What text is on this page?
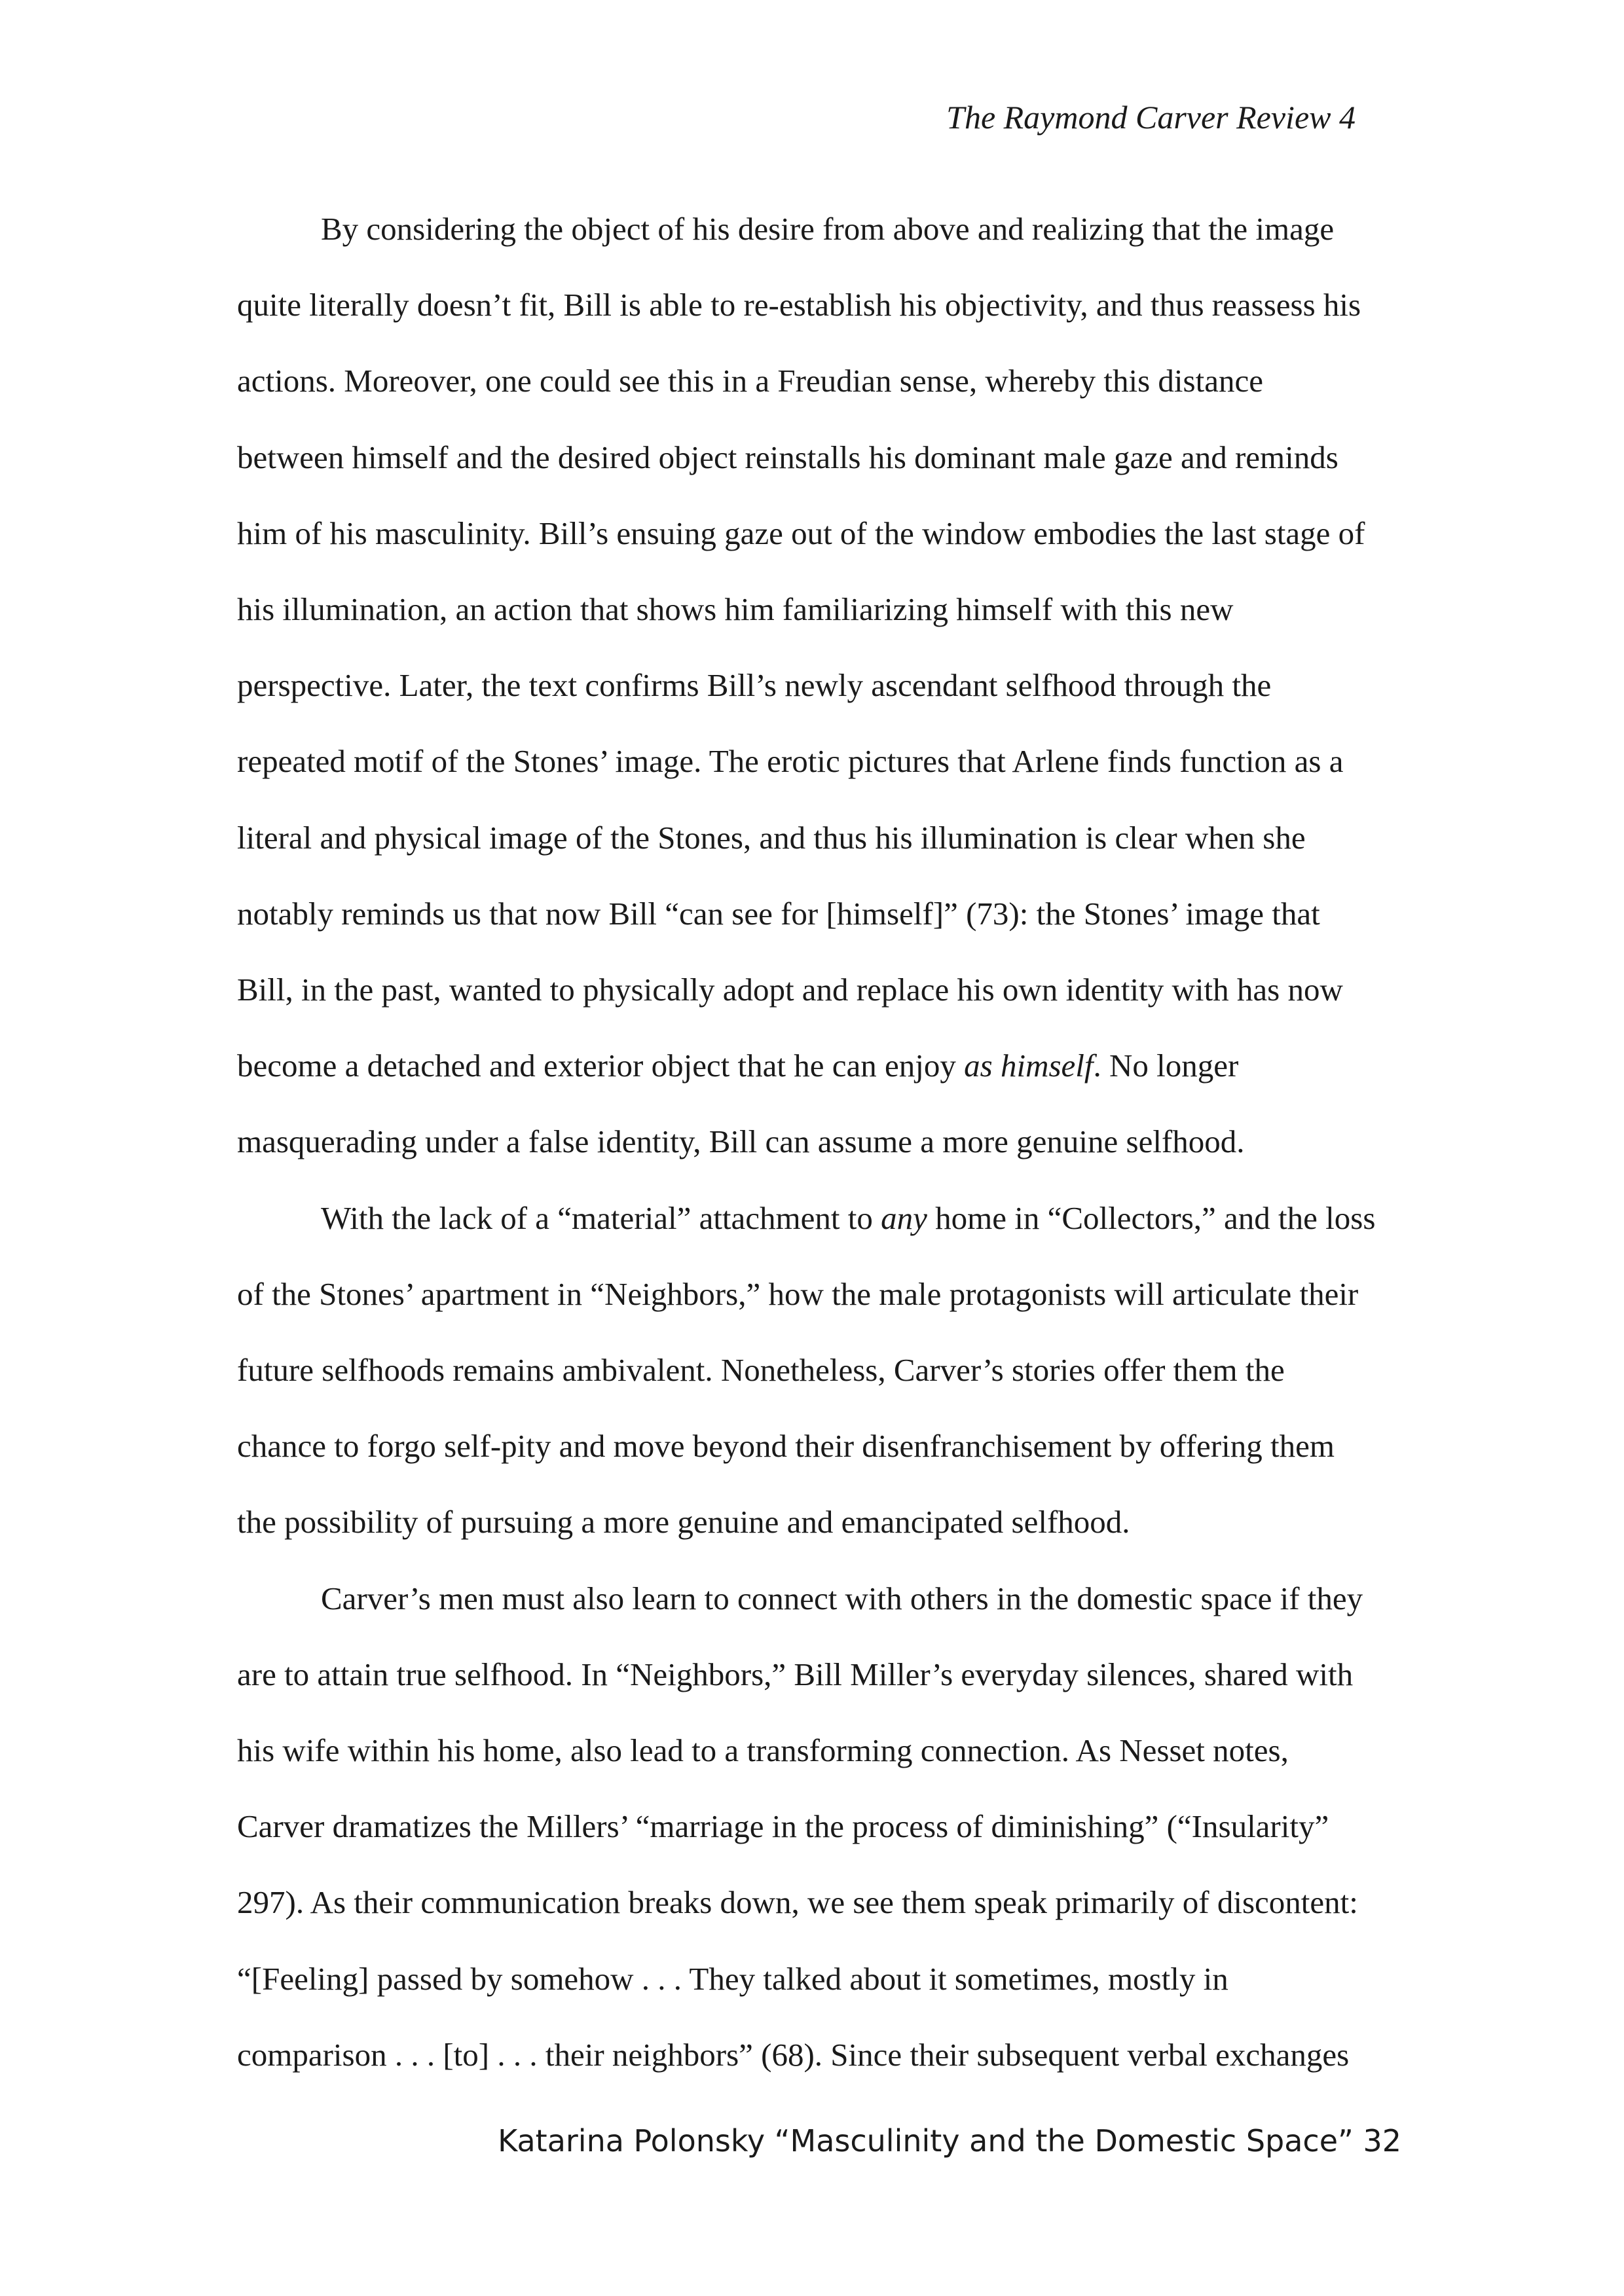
The Raymond Carver Review 4
By considering the object of his desire from above and realizing that the image
quite literally doesn’t fit, Bill is able to re-establish his objectivity, and thus reassess his
actions. Moreover, one could see this in a Freudian sense, whereby this distance
between himself and the desired object reinstalls his dominant male gaze and reminds
him of his masculinity. Bill’s ensuing gaze out of the window embodies the last stage of
his illumination, an action that shows him familiarizing himself with this new
perspective. Later, the text confirms Bill’s newly ascendant selfhood through the
repeated motif of the Stones’ image. The erotic pictures that Arlene finds function as a
literal and physical image of the Stones, and thus his illumination is clear when she
notably reminds us that now Bill “can see for [himself]” (73): the Stones’ image that
Bill, in the past, wanted to physically adopt and replace his own identity with has now
become a detached and exterior object that he can enjoy as himself. No longer
masquerading under a false identity, Bill can assume a more genuine selfhood.
With the lack of a “material” attachment to any home in “Collectors,” and the loss
of the Stones’ apartment in “Neighbors,” how the male protagonists will articulate their
future selfhoods remains ambivalent. Nonetheless, Carver’s stories offer them the
chance to forgo self-pity and move beyond their disenfranchisement by offering them
the possibility of pursuing a more genuine and emancipated selfhood.
Carver’s men must also learn to connect with others in the domestic space if they
are to attain true selfhood. In “Neighbors,” Bill Miller’s everyday silences, shared with
his wife within his home, also lead to a transforming connection. As Nesset notes,
Carver dramatizes the Millers’ “marriage in the process of diminishing” (“Insularity”
297). As their communication breaks down, we see them speak primarily of discontent:
“[Feeling] passed by somehow . . . They talked about it sometimes, mostly in
comparison . . . [to] . . . their neighbors” (68). Since their subsequent verbal exchanges
Katarina Polonsky “Masculinity and the Domestic Space” 32
